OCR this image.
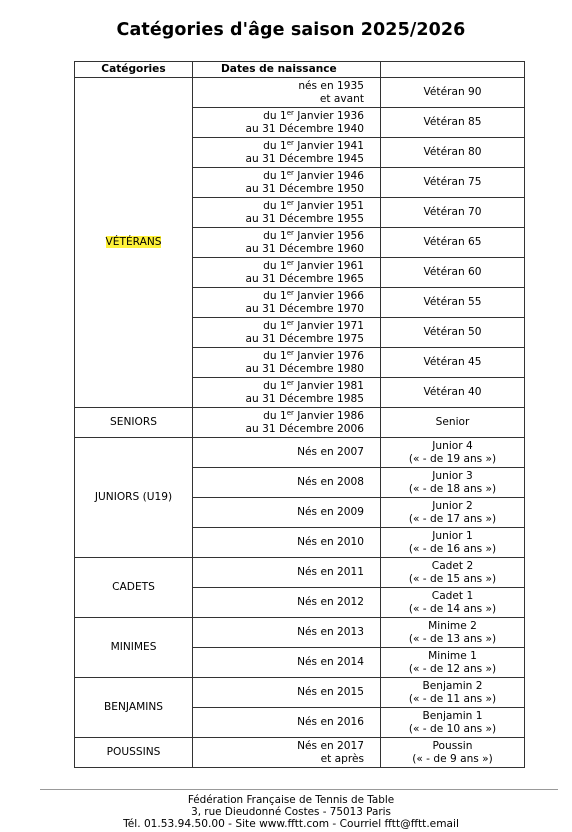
Catégories d'âge saison 2025/2026
Catégories	Dates de naissance	
VÉTÉRANS	nés en 1935
et avant	Vétéran 90

	du 1er Janvier 1936
au 31 Décembre 1940	Vétéran 85

	du 1er Janvier 1941
au 31 Décembre 1945	Vétéran 80

	du 1er Janvier 1946
au 31 Décembre 1950	Vétéran 75

	du 1er Janvier 1951
au 31 Décembre 1955	Vétéran 70

	du 1er Janvier 1956
au 31 Décembre 1960	Vétéran 65

	du 1er Janvier 1961
au 31 Décembre 1965	Vétéran 60

	du 1er Janvier 1966
au 31 Décembre 1970	Vétéran 55

	du 1er Janvier 1971
au 31 Décembre 1975	Vétéran 50

	du 1er Janvier 1976
au 31 Décembre 1980	Vétéran 45

	du 1er Janvier 1981
au 31 Décembre 1985	Vétéran 40

SENIORS	du 1er Janvier 1986
au 31 Décembre 2006	Senior

JUNIORS (U19)	Nés en 2007	Junior 4
(« - de 19 ans »)

	Nés en 2008	Junior 3
(« - de 18 ans »)

	Nés en 2009	Junior 2
(« - de 17 ans »)

	Nés en 2010	Junior 1
(« - de 16 ans »)

CADETS	Nés en 2011	Cadet 2
(« - de 15 ans »)

	Nés en 2012	Cadet 1
(« - de 14 ans »)

MINIMES	Nés en 2013	Minime 2
(« - de 13 ans »)

	Nés en 2014	Minime 1
(« - de 12 ans »)

BENJAMINS	Nés en 2015	Benjamin 2
(« - de 11 ans »)

	Nés en 2016	Benjamin 1
(« - de 10 ans »)

POUSSINS	Nés en 2017
et après	Poussin
(« - de 9 ans »)
Fédération Française de Tennis de Table
3, rue Dieudonné Costes - 75013 Paris
Tél. 01.53.94.50.00 - Site www.fftt.com - Courriel fftt@fftt.email
